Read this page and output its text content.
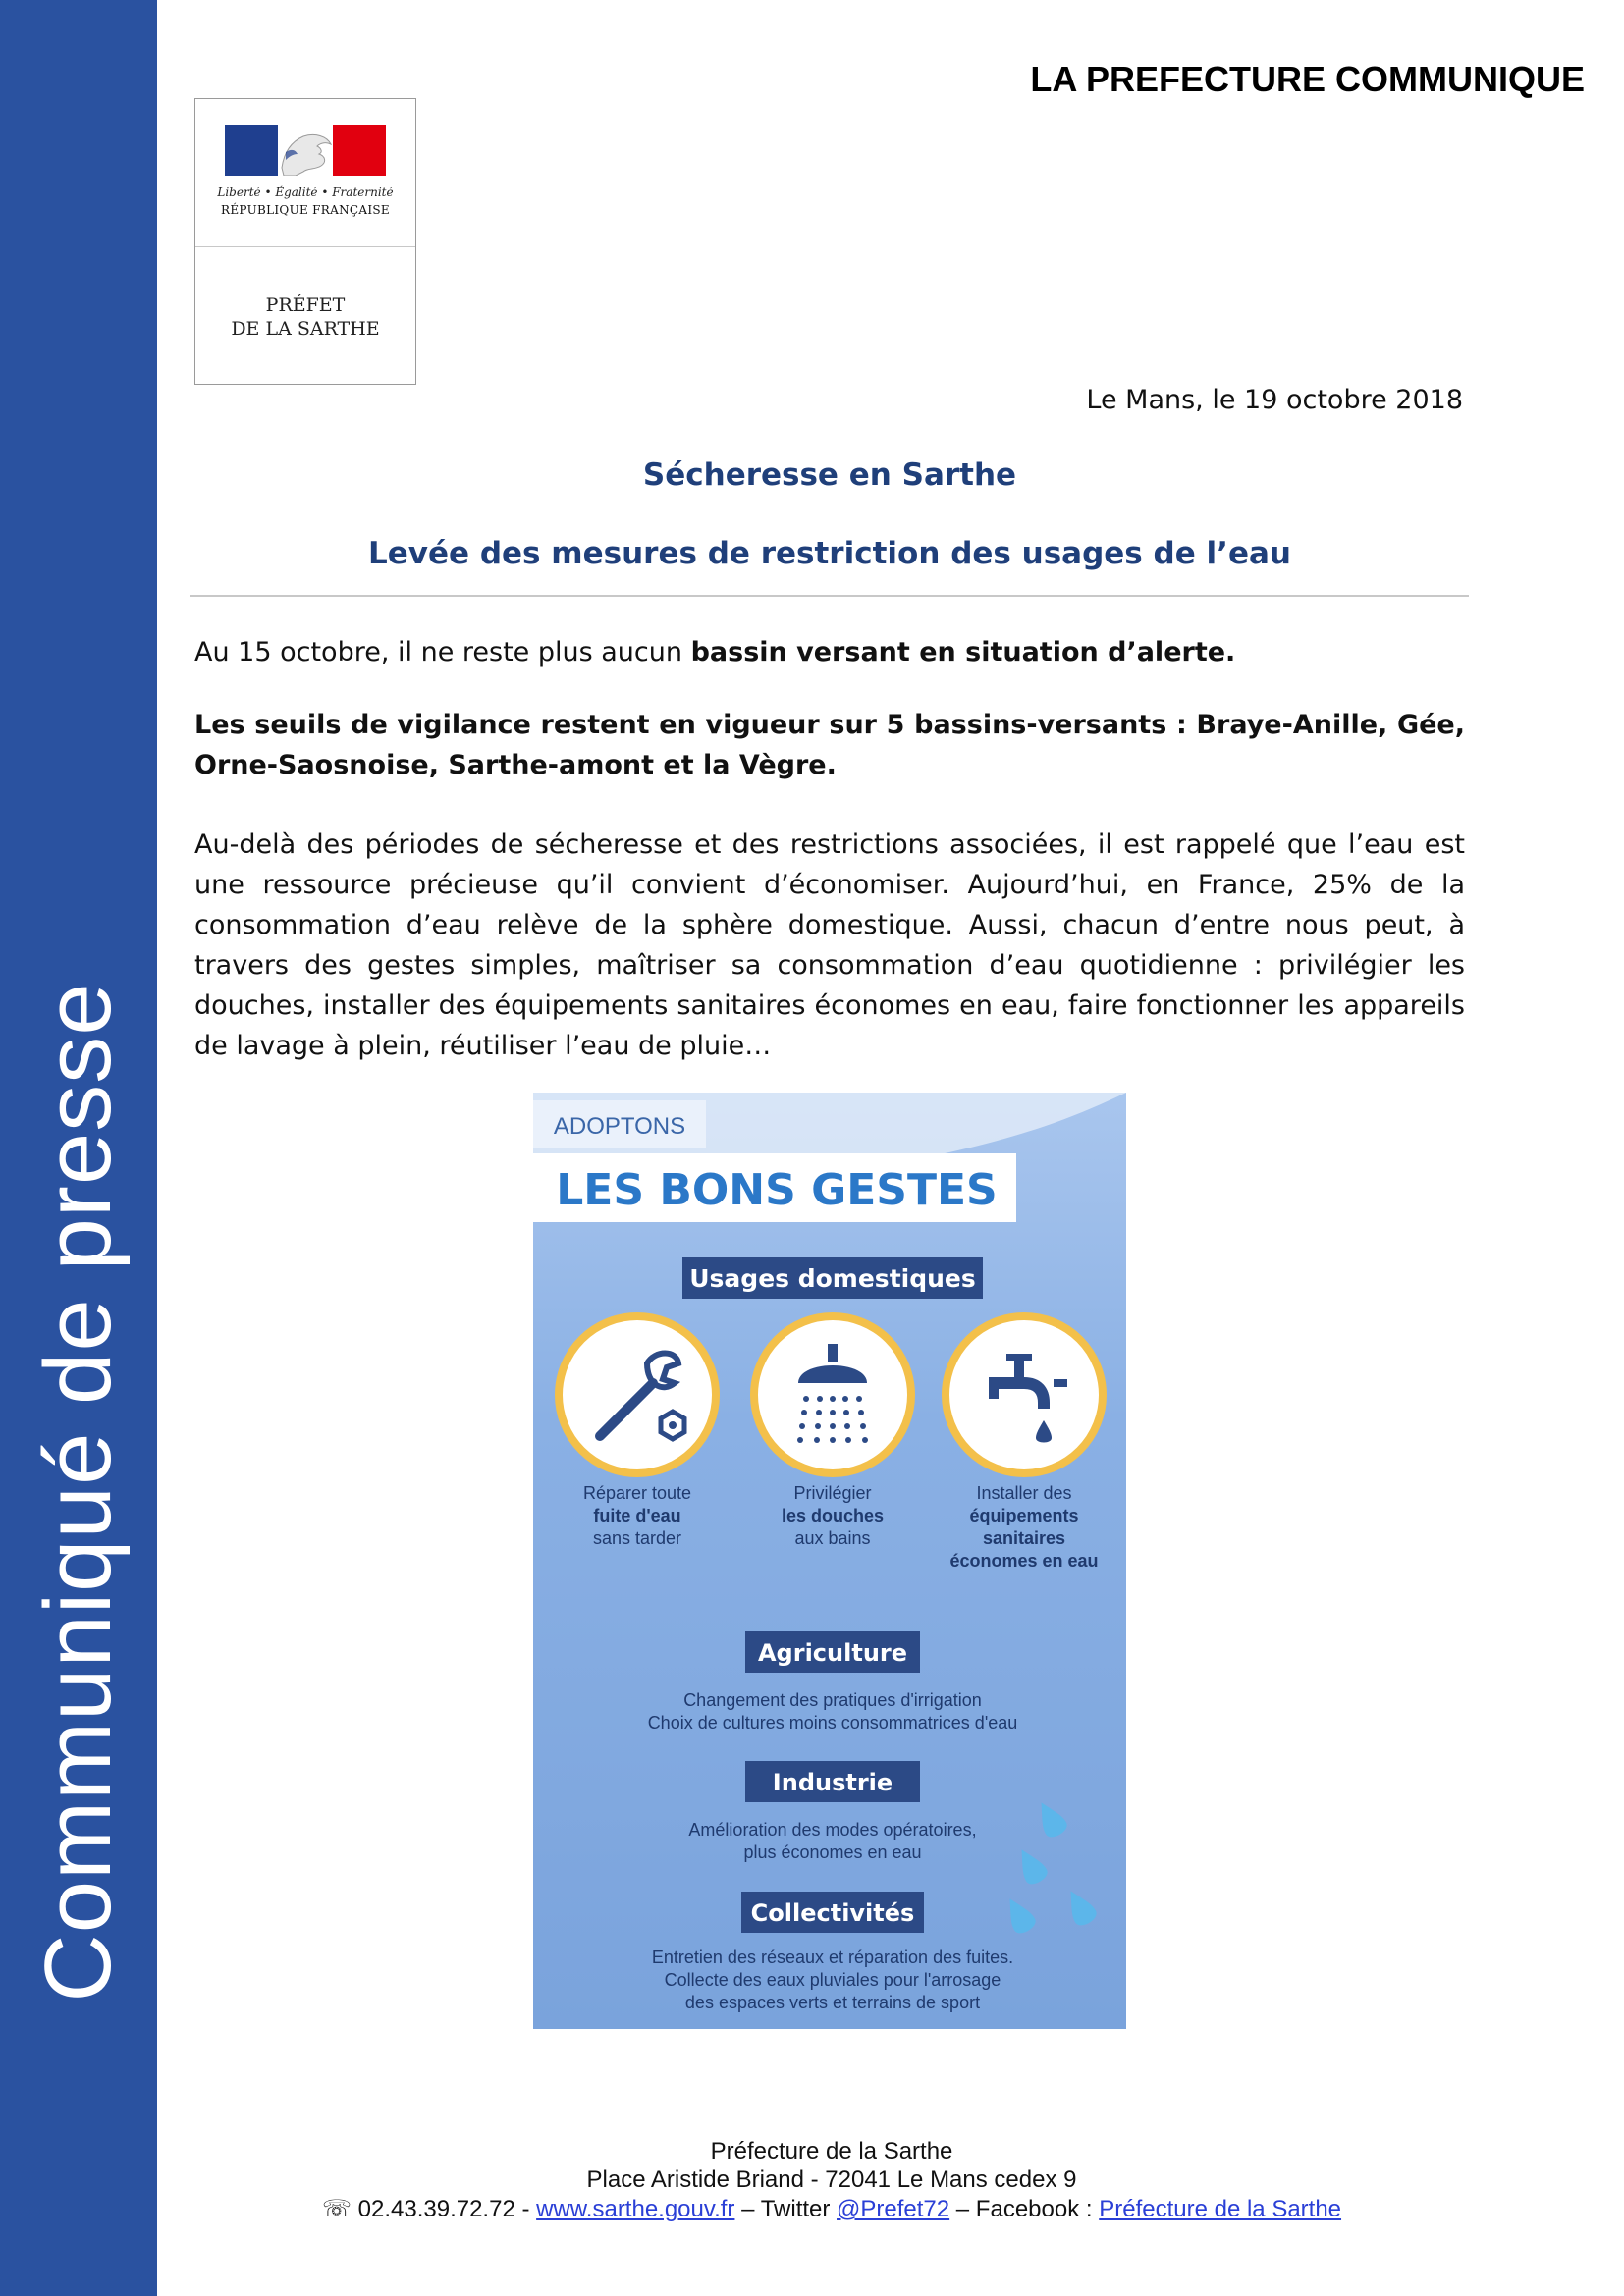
Communiqué de presse
LA PREFECTURE COMMUNIQUE
Liberté • Égalité • Fraternité
RÉPUBLIQUE FRANÇAISE
PRÉFET
DE LA SARTHE
Le Mans, le 19 octobre 2018
Sécheresse en Sarthe
Levée des mesures de restriction des usages de l’eau
Au 15 octobre, il ne reste plus aucun bassin versant en situation d’alerte.
Les seuils de vigilance restent en vigueur sur 5 bassins-versants : Braye-Anille, Gée, Orne-Saosnoise, Sarthe-amont et la Vègre.
Au-delà des périodes de sécheresse et des restrictions associées, il est rappelé que l’eau est une ressource précieuse qu’il convient d’économiser. Aujourd’hui, en France, 25% de la consommation d’eau relève de la sphère domestique. Aussi, chacun d’entre nous peut, à travers des gestes simples, maîtriser sa consommation d’eau quotidienne : privilégier les douches, installer des équipements sanitaires économes en eau, faire fonctionner les appareils de lavage à plein, réutiliser l’eau de pluie…
ADOPTONS
LES BONS GESTES
Usages domestiques
Réparer toute
fuite d'eau
sans tarder
Privilégier
les douches
aux bains
Installer des
équipements
sanitaires
économes en eau
Agriculture
Changement des pratiques d'irrigation
Choix de cultures moins consommatrices d'eau
Industrie
Amélioration des modes opératoires,
plus économes en eau
Collectivités
Entretien des réseaux et réparation des fuites.
Collecte des eaux pluviales pour l'arrosage
des espaces verts et terrains de sport
Préfecture de la Sarthe
Place Aristide Briand - 72041 Le Mans cedex 9
☏ 02.43.39.72.72 - www.sarthe.gouv.fr – Twitter @Prefet72 – Facebook : Préfecture de la Sarthe
